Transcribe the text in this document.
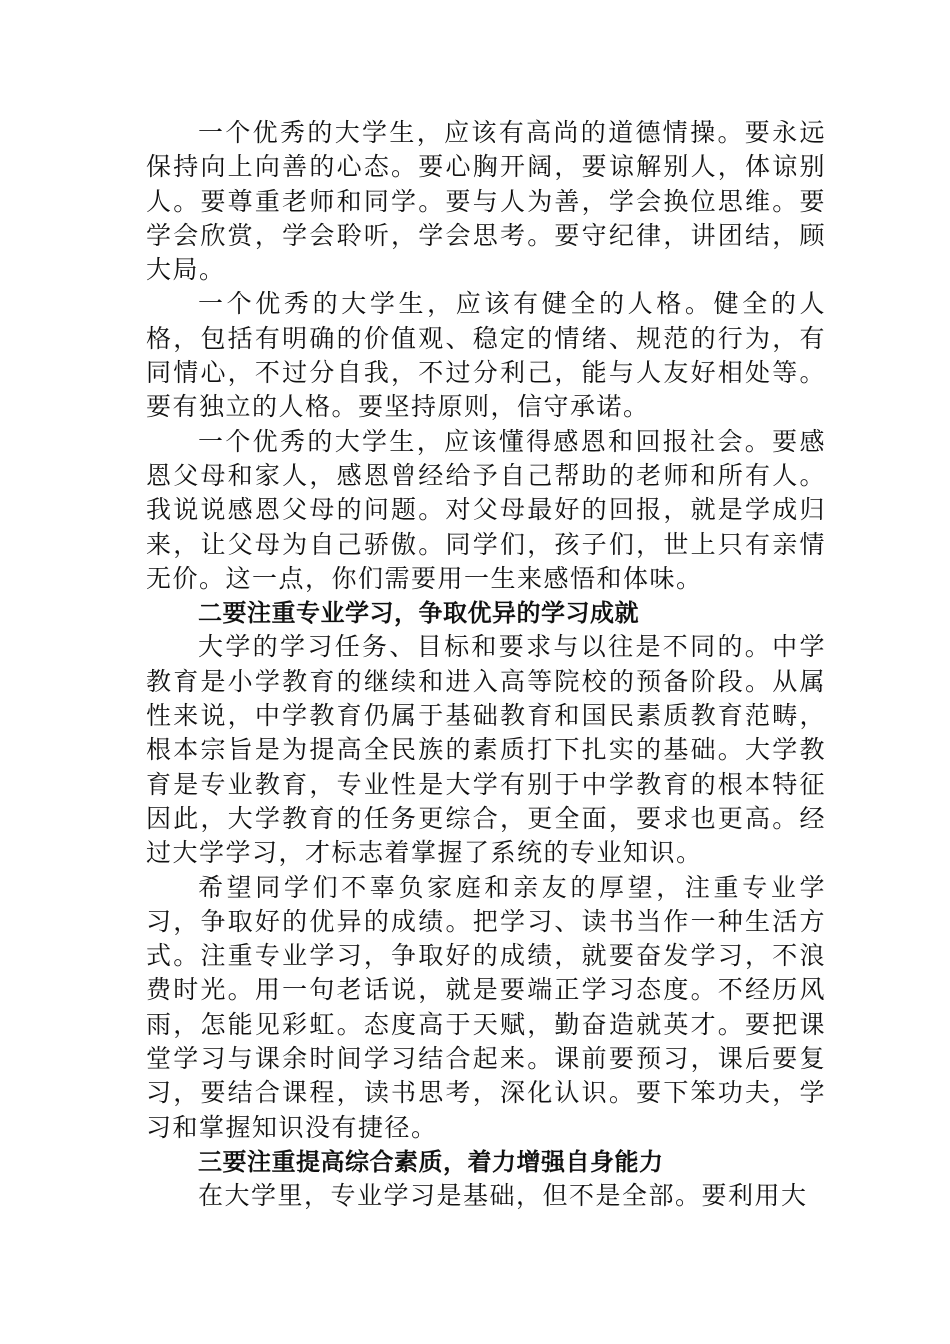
一个优秀的大学生，应该有高尚的道德情操。要永远保持向上向善的心态。要心胸开阔，要谅解别人，体谅别人。要尊重老师和同学。要与人为善，学会换位思维。要学会欣赏，学会聆听，学会思考。要守纪律，讲团结，顾大局。

一个优秀的大学生，应该有健全的人格。健全的人格，包括有明确的价值观、稳定的情绪、规范的行为，有同情心，不过分自我，不过分利己，能与人友好相处等。要有独立的人格。要坚持原则，信守承诺。

一个优秀的大学生，应该懂得感恩和回报社会。要感恩父母和家人，感恩曾经给予自己帮助的老师和所有人。我说说感恩父母的问题。对父母最好的回报，就是学成归来，让父母为自己骄傲。同学们，孩子们，世上只有亲情无价。这一点，你们需要用一生来感悟和体味。

二要注重专业学习，争取优异的学习成就

大学的学习任务、目标和要求与以往是不同的。中学教育是小学教育的继续和进入高等院校的预备阶段。从属性来说，中学教育仍属于基础教育和国民素质教育范畴，根本宗旨是为提高全民族的素质打下扎实的基础。大学教育是专业教育，专业性是大学有别于中学教育的根本特征因此，大学教育的任务更综合，更全面，要求也更高。经过大学学习，才标志着掌握了系统的专业知识。

希望同学们不辜负家庭和亲友的厚望，注重专业学习，争取好的优异的成绩。把学习、读书当作一种生活方式。注重专业学习，争取好的成绩，就要奋发学习，不浪费时光。用一句老话说，就是要端正学习态度。不经历风雨，怎能见彩虹。态度高于天赋，勤奋造就英才。要把课堂学习与课余时间学习结合起来。课前要预习，课后要复习，要结合课程，读书思考，深化认识。要下笨功夫，学习和掌握知识没有捷径。

三要注重提高综合素质，着力增强自身能力

在大学里，专业学习是基础，但不是全部。要利用大
